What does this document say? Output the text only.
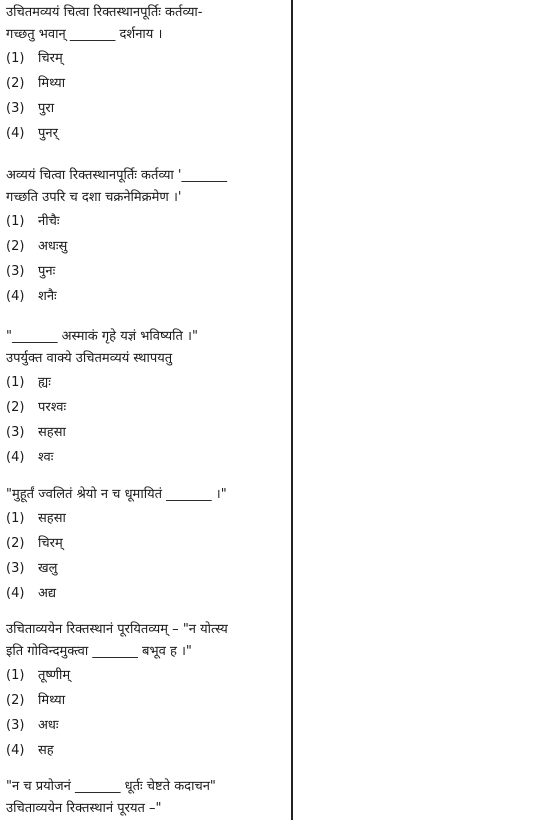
उचितमव्ययं चित्वा रिक्तस्थानपूर्तिः कर्तव्या-
गच्छतु भवान् _______ दर्शनाय ।
(1) चिरम्
(2) मिथ्या
(3) पुरा
(4) पुनर्
अव्ययं चित्वा रिक्तस्थानपूर्तिः कर्तव्या '_______
गच्छति उपरि च दशा चक्रनेमिक्रमेण ।'
(1) नीचैः
(2) अधःसु
(3) पुनः
(4) शनैः
"_______ अस्माकं गृहे यज्ञं भविष्यति ।"
उपर्युक्त वाक्ये उचितमव्ययं स्थापयतु
(1) ह्यः
(2) परश्वः
(3) सहसा
(4) श्वः
"मुहूर्तं ज्वलितं श्रेयो न च धूमायितं _______ ।"
(1) सहसा
(2) चिरम्
(3) खलु
(4) अद्य
उचिताव्ययेन रिक्तस्थानं पूरयितव्यम् – "न योत्स्य
इति गोविन्दमुक्त्वा _______ बभूव ह ।"
(1) तूष्णीम्
(2) मिथ्या
(3) अधः
(4) सह
"न च प्रयोजनं _______ धूर्तः चेष्टते कदाचन"
उचिताव्ययेन रिक्तस्थानं पूरयत –"
